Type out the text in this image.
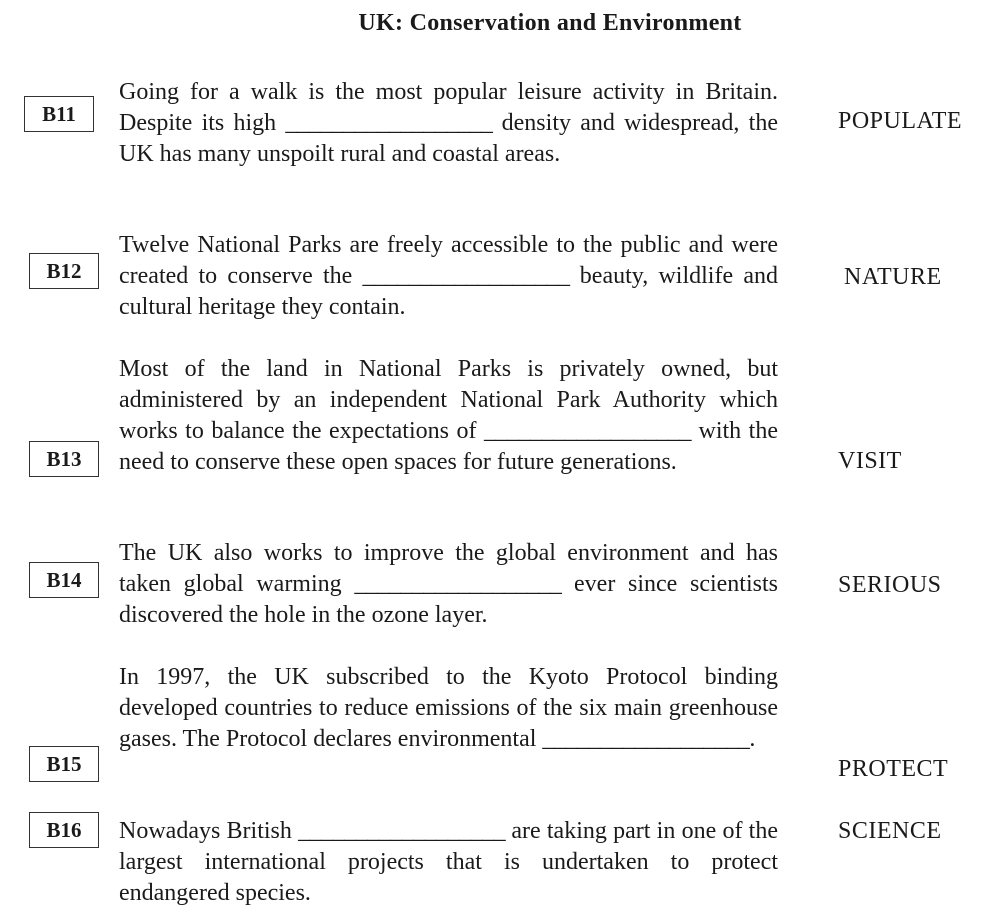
UK: Conservation and Environment
B11

Going for a walk is the most popular leisure activity in Britain. Despite its high __________________ density and widespread, the UK has many unspoilt rural and coastal areas.

POPULATE
B12

Twelve National Parks are freely accessible to the public and were created to conserve the __________________ beauty, wildlife and cultural heritage they contain.

NATURE
B13

Most of the land in National Parks is privately owned, but administered by an independent National Park Authority which works to balance the expectations of __________________ with the need to conserve these open spaces for future generations.	VISIT
B14

The UK also works to improve the global environment and has taken global warming __________________ ever since scientists discovered the hole in the ozone layer.

SERIOUS
B15

In 1997, the UK subscribed to the Kyoto Protocol binding developed countries to reduce emissions of the six main greenhouse gases. The Protocol declares environmental __________________.

PROTECT
B16	Nowadays British __________________ are taking part in one of the largest international projects that is undertaken to protect endangered species.

SCIENCE
